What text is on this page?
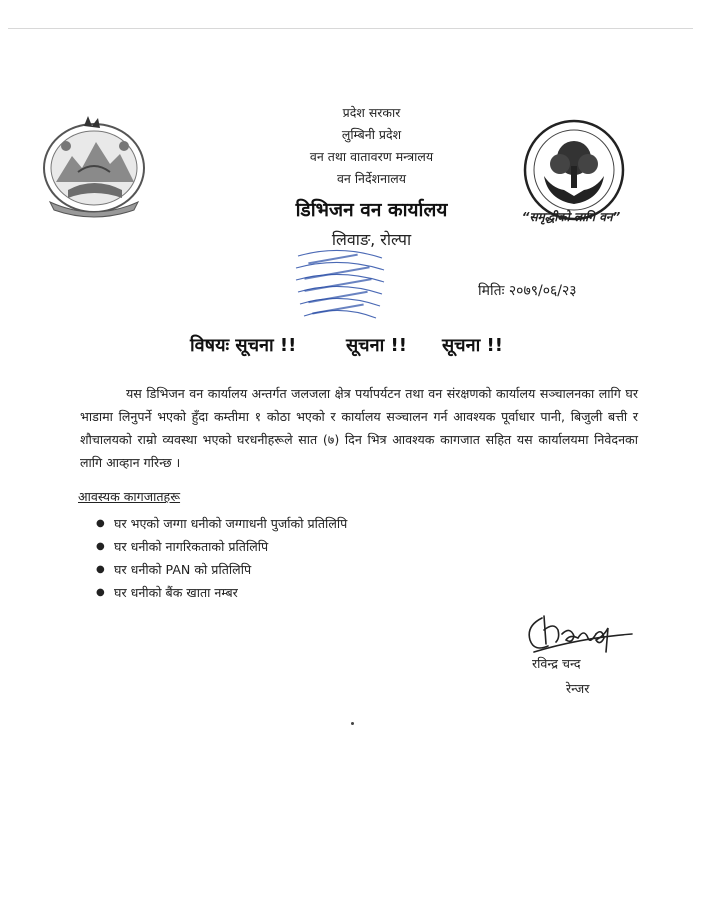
प्रदेश सरकार
लुम्बिनी प्रदेश
वन तथा वातावरण मन्त्रालय
वन निर्देशनालय
डिभिजन वन कार्यालय
लिवाङ, रोल्पा
“समृद्धीको लागि वन”
मितिः २०७९/०६/२३
विषयः सूचना !!	सूचना !! सूचना !!
यस डिभिजन वन कार्यालय अन्तर्गत जलजला क्षेत्र पर्यापर्यटन तथा वन संरक्षणको कार्यालय सञ्चालनका लागि घर भाडामा लिनुपर्ने भएको हुँदा कम्तीमा १ कोठा भएको र कार्यालय सञ्चालन गर्न आवश्यक पूर्वाधार पानी, बिजुली बत्ती र शौचालयको राम्रो व्यवस्था भएको घरधनीहरूले सात (७) दिन भित्र आवश्यक कागजात सहित यस कार्यालयमा निवेदनका लागि आव्हान गरिन्छ ।
आवस्यक कागजातहरू
● घर भएको जग्गा धनीको जग्गाधनी पुर्जाको प्रतिलिपि
● घर धनीको नागरिकताको प्रतिलिपि
● घर धनीको PAN को प्रतिलिपि
● घर धनीको बैंक खाता नम्बर
रविन्द्र चन्द
रेन्जर
